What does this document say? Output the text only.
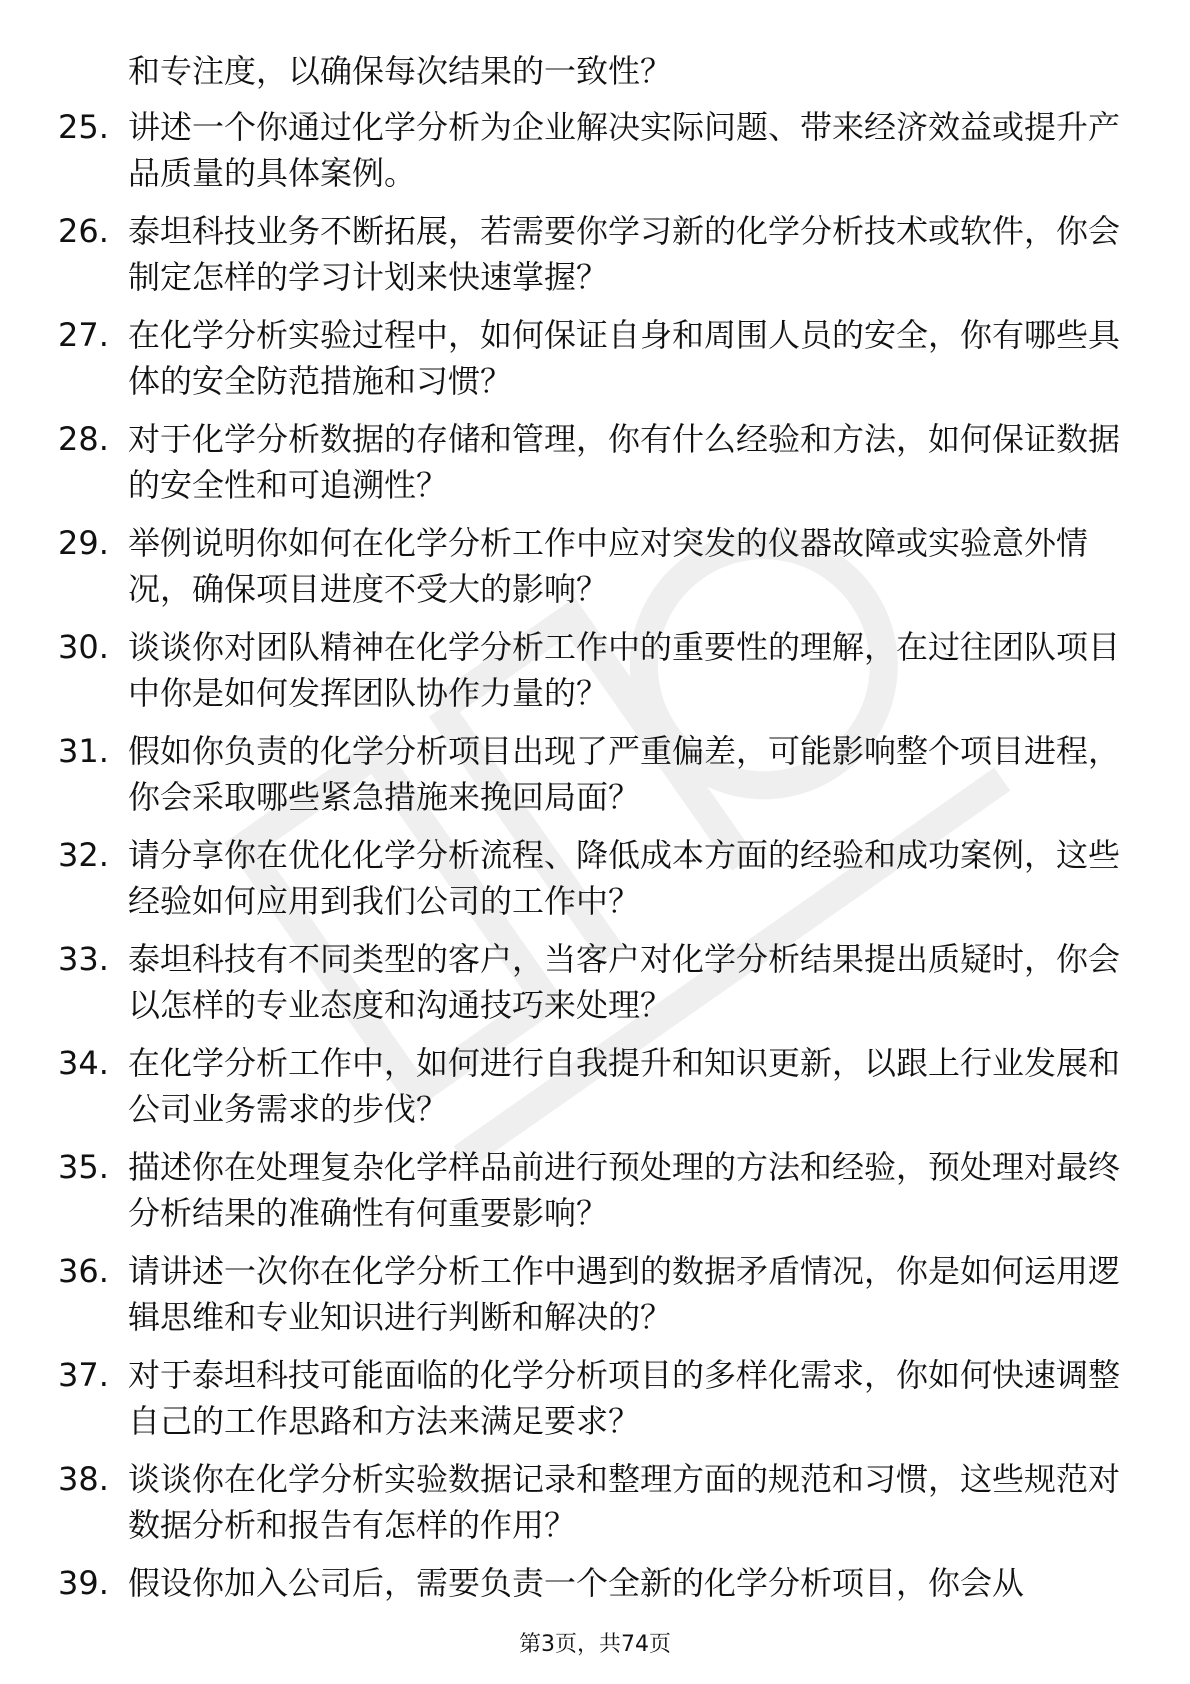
和专注度，以确保每次结果的一致性？
25. 讲述一个你通过化学分析为企业解决实际问题、带来经济效益或提升产品质量的具体案例。
26. 泰坦科技业务不断拓展，若需要你学习新的化学分析技术或软件，你会制定怎样的学习计划来快速掌握？
27. 在化学分析实验过程中，如何保证自身和周围人员的安全，你有哪些具体的安全防范措施和习惯？
28. 对于化学分析数据的存储和管理，你有什么经验和方法，如何保证数据的安全性和可追溯性？
29. 举例说明你如何在化学分析工作中应对突发的仪器故障或实验意外情况，确保项目进度不受大的影响？
30. 谈谈你对团队精神在化学分析工作中的重要性的理解，在过往团队项目中你是如何发挥团队协作力量的？
31. 假如你负责的化学分析项目出现了严重偏差，可能影响整个项目进程，你会采取哪些紧急措施来挽回局面？
32. 请分享你在优化化学分析流程、降低成本方面的经验和成功案例，这些经验如何应用到我们公司的工作中？
33. 泰坦科技有不同类型的客户，当客户对化学分析结果提出质疑时，你会以怎样的专业态度和沟通技巧来处理？
34. 在化学分析工作中，如何进行自我提升和知识更新，以跟上行业发展和公司业务需求的步伐？
35. 描述你在处理复杂化学样品前进行预处理的方法和经验，预处理对最终分析结果的准确性有何重要影响？
36. 请讲述一次你在化学分析工作中遇到的数据矛盾情况，你是如何运用逻辑思维和专业知识进行判断和解决的？
37. 对于泰坦科技可能面临的化学分析项目的多样化需求，你如何快速调整自己的工作思路和方法来满足要求？
38. 谈谈你在化学分析实验数据记录和整理方面的规范和习惯，这些规范对数据分析和报告有怎样的作用？
39. 假设你加入公司后，需要负责一个全新的化学分析项目，你会从
第3页，共74页
